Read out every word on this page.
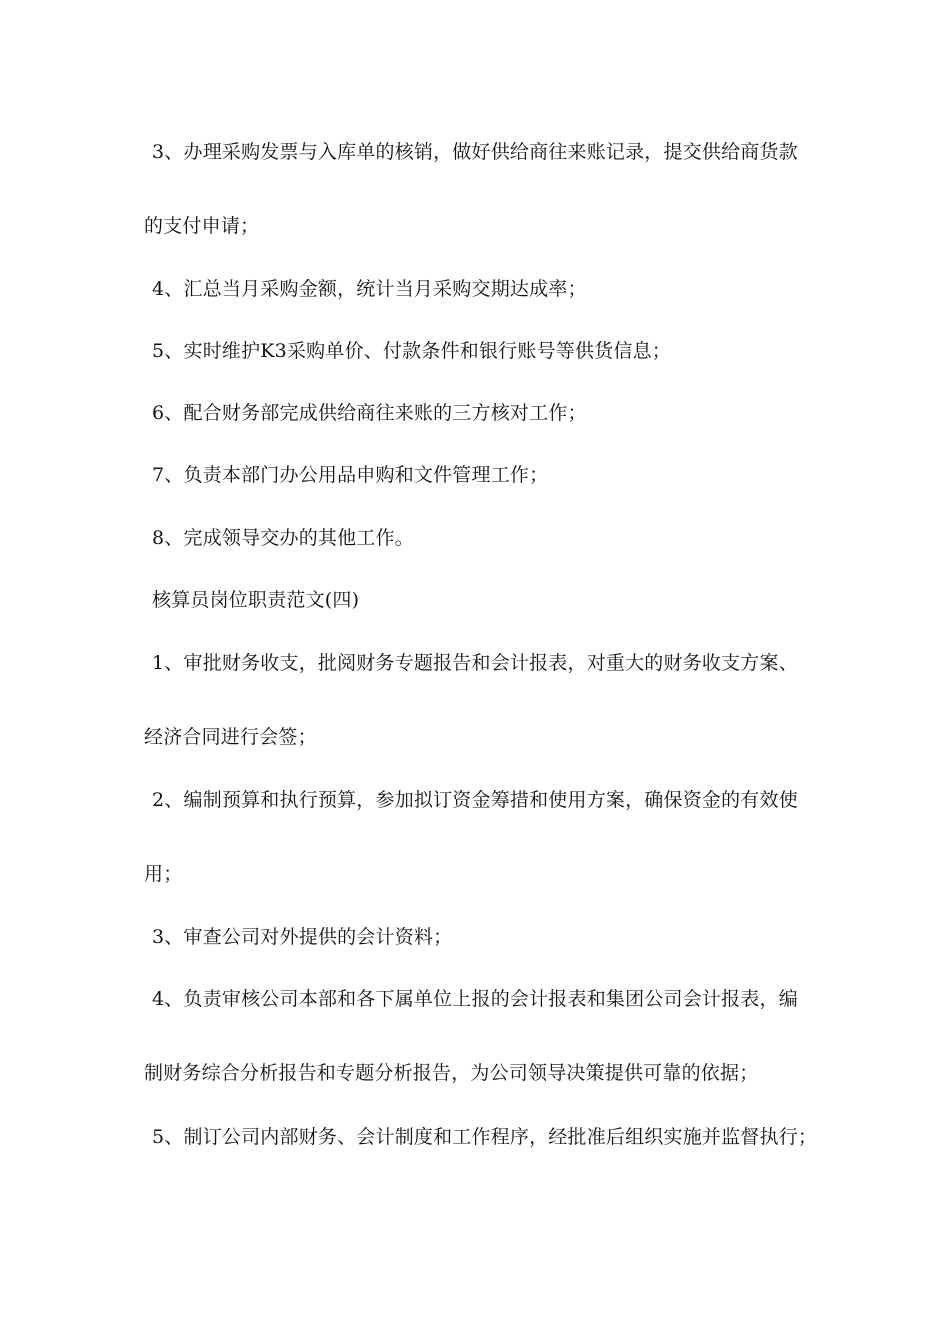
3、办理采购发票与入库单的核销，做好供给商往来账记录，提交供给商货款
的支付申请；
4、汇总当月采购金额，统计当月采购交期达成率；
5、实时维护K3采购单价、付款条件和银行账号等供货信息；
6、配合财务部完成供给商往来账的三方核对工作；
7、负责本部门办公用品申购和文件管理工作；
8、完成领导交办的其他工作。
核算员岗位职责范文(四)
1、审批财务收支，批阅财务专题报告和会计报表，对重大的财务收支方案、
经济合同进行会签；
2、编制预算和执行预算，参加拟订资金筹措和使用方案，确保资金的有效使
用；
3、审查公司对外提供的会计资料；
4、负责审核公司本部和各下属单位上报的会计报表和集团公司会计报表，编
制财务综合分析报告和专题分析报告，为公司领导决策提供可靠的依据；
5、制订公司内部财务、会计制度和工作程序，经批准后组织实施并监督执行；
